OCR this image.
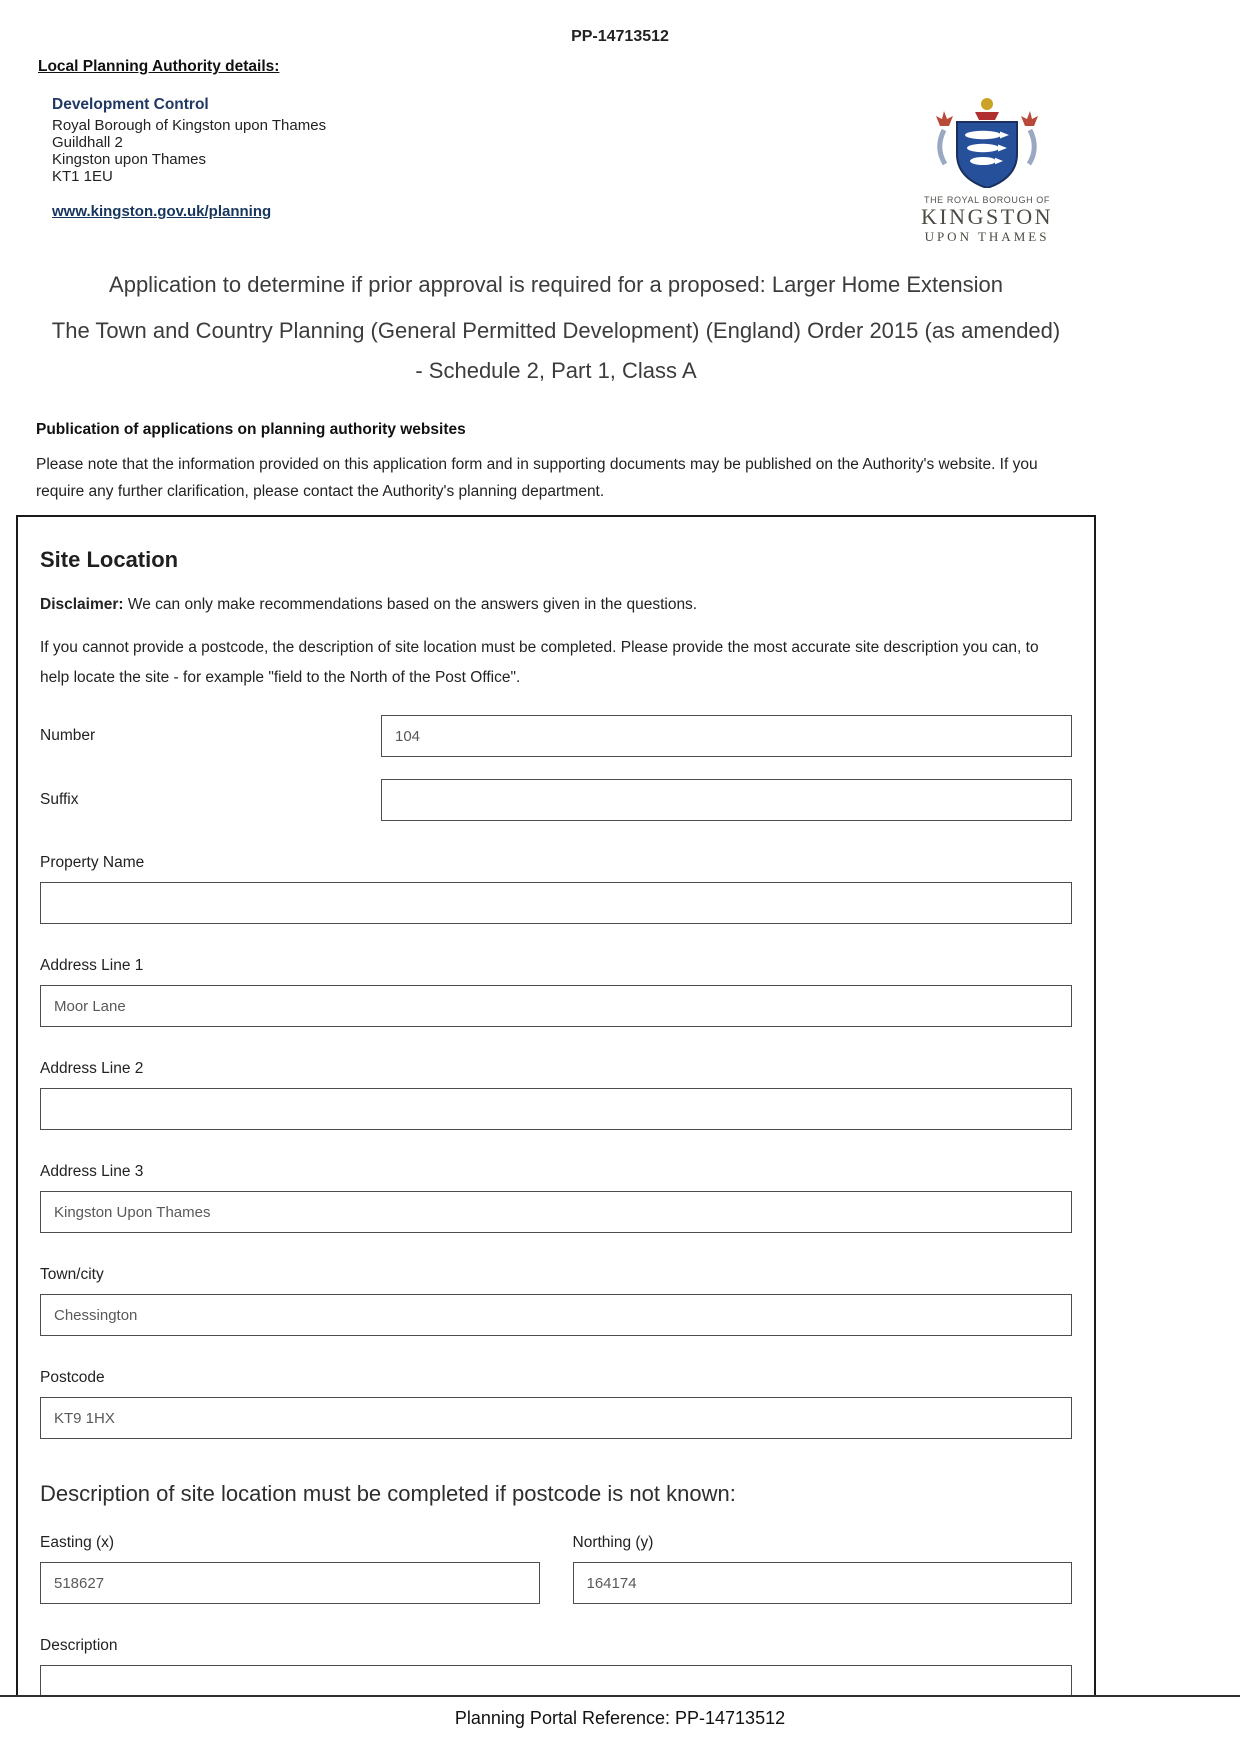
PP-14713512
Local Planning Authority details:
Development Control
Royal Borough of Kingston upon Thames
Guildhall 2
Kingston upon Thames
KT1 1EU
www.kingston.gov.uk/planning
THE ROYAL BOROUGH OF
KINGSTON
UPON THAMES
Application to determine if prior approval is required for a proposed: Larger Home Extension
The Town and Country Planning (General Permitted Development) (England) Order 2015 (as amended) - Schedule 2, Part 1, Class A
Publication of applications on planning authority websites

Please note that the information provided on this application form and in supporting documents may be published on the Authority's website. If you require any further clarification, please contact the Authority's planning department.

Site Location

Disclaimer: We can only make recommendations based on the answers given in the questions.

If you cannot provide a postcode, the description of site location must be completed. Please provide the most accurate site description you can, to help locate the site - for example "field to the North of the Post Office".

Number
104
Suffix
Property Name
Address Line 1
Moor Lane
Address Line 2
Address Line 3
Kingston Upon Thames
Town/city
Chessington
Postcode
KT9 1HX
Description of site location must be completed if postcode is not known:
Easting (x)
518627	Northing (y)
164174
Description
Planning Portal Reference: PP-14713512
